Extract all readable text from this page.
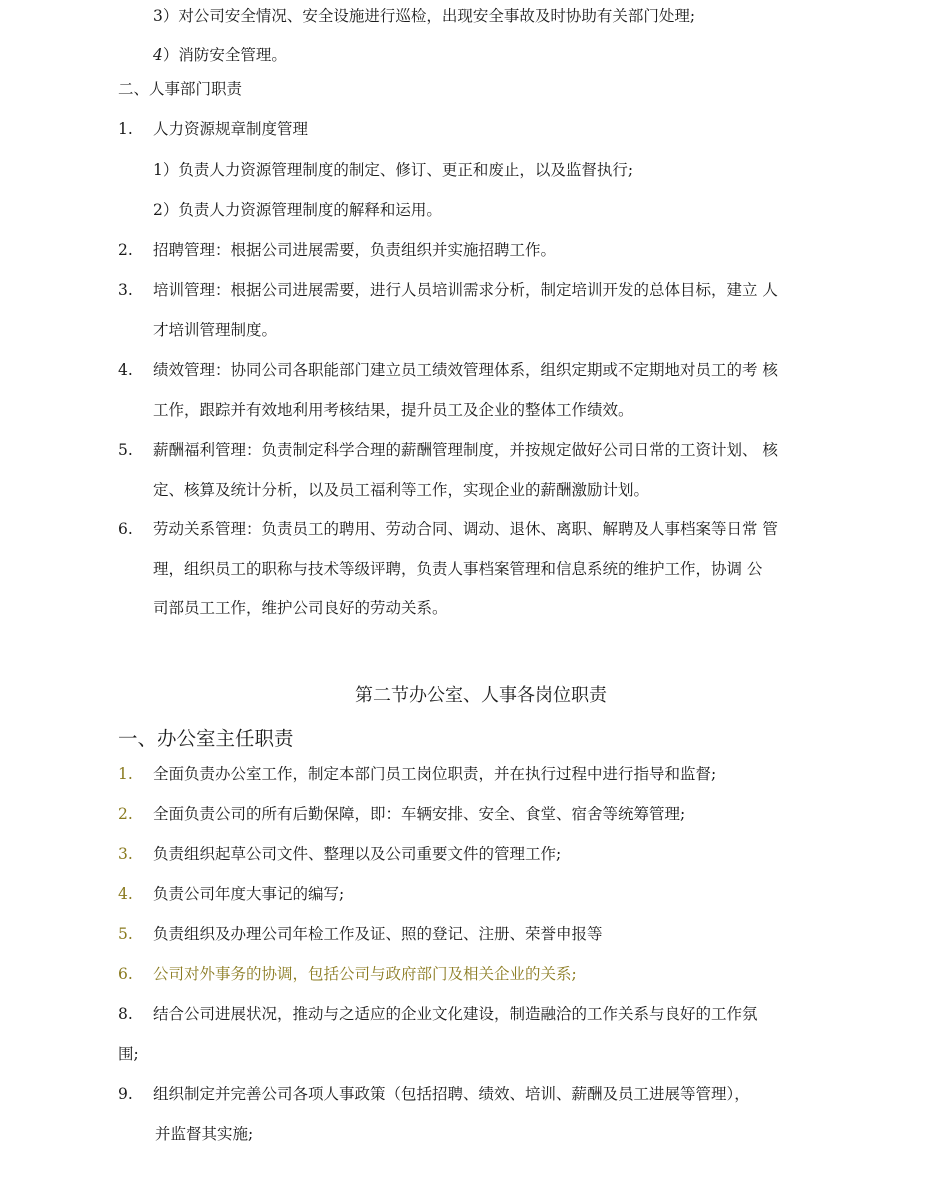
3）对公司安全情况、安全设施进行巡检，出现安全事故及时协助有关部门处理;
4）消防安全管理。
二、人事部门职责
1. 人力资源规章制度管理
1）负责人力资源管理制度的制定、修订、更正和废止，以及监督执行;
2）负责人力资源管理制度的解释和运用。
2. 招聘管理：根据公司进展需要，负责组织并实施招聘工作。
3. 培训管理：根据公司进展需要，进行人员培训需求分析，制定培训开发的总体目标，建立 人
才培训管理制度。
4. 绩效管理：协同公司各职能部门建立员工绩效管理体系，组织定期或不定期地对员工的考 核
工作，跟踪并有效地利用考核结果，提升员工及企业的整体工作绩效。
5. 薪酬福利管理：负责制定科学合理的薪酬管理制度，并按规定做好公司日常的工资计划、 核
定、核算及统计分析，以及员工福利等工作，实现企业的薪酬激励计划。
6. 劳动关系管理：负责员工的聘用、劳动合同、调动、退休、离职、解聘及人事档案等日常 管
理，组织员工的职称与技术等级评聘，负责人事档案管理和信息系统的维护工作，协调 公
司部员工工作，维护公司良好的劳动关系。
第二节办公室、人事各岗位职责
一、办公室主任职责
1. 全面负责办公室工作，制定本部门员工岗位职责，并在执行过程中进行指导和监督;
2. 全面负责公司的所有后勤保障，即：车辆安排、安全、食堂、宿舍等统筹管理;
3. 负责组织起草公司文件、整理以及公司重要文件的管理工作;
4. 负责公司年度大事记的编写;
5. 负责组织及办理公司年检工作及证、照的登记、注册、荣誉申报等
6. 公司对外事务的协调，包括公司与政府部门及相关企业的关系;
8. 结合公司进展状况，推动与之适应的企业文化建设，制造融洽的工作关系与良好的工作氛
围;
9. 组织制定并完善公司各项人事政策（包括招聘、绩效、培训、薪酬及员工进展等管理），
并监督其实施;
